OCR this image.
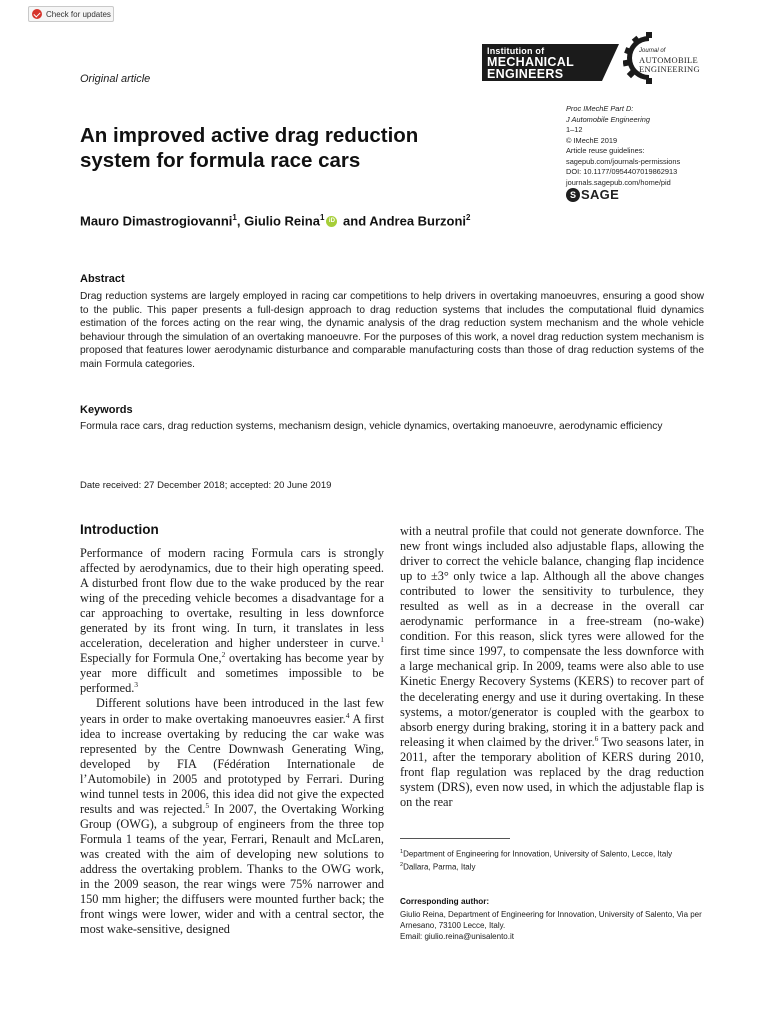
Check for updates
Original article
Institution of
MECHANICAL
ENGINEERS
Journal of
AUTOMOBILE
ENGINEERING
Proc IMechE Part D:
J Automobile Engineering
1–12
© IMechE 2019
Article reuse guidelines:
sagepub.com/journals-permissions
DOI: 10.1177/0954407019862913
journals.sagepub.com/home/pid
S SAGE
An improved active drag reduction
system for formula race cars
Mauro Dimastrogiovanni$^1$, Giulio Reina$^1$ iD and Andrea Burzoni$^2$
Abstract
Drag reduction systems are largely employed in racing car competitions to help drivers in overtaking manoeuvres, ensuring a good show to the public. This paper presents a full-design approach to drag reduction systems that includes the computational fluid dynamics estimation of the forces acting on the rear wing, the dynamic analysis of the drag reduction system mechanism and the whole vehicle behaviour through the simulation of an overtaking manoeuvre. For the purposes of this work, a novel drag reduction system mechanism is proposed that features lower aerodynamic disturbance and comparable manufacturing costs than those of drag reduction systems of the main Formula categories.
Keywords
Formula race cars, drag reduction systems, mechanism design, vehicle dynamics, overtaking manoeuvre, aerodynamic efficiency
Date received: 27 December 2018; accepted: 20 June 2019
Introduction

Performance of modern racing Formula cars is strongly affected by aerodynamics, due to their high operating speed. A disturbed front flow due to the wake produced by the rear wing of the preceding vehicle becomes a disadvantage for a car approaching to overtake, resulting in less downforce generated by its front wing. In turn, it translates in less acceleration, deceleration and higher understeer in curve.$^1$ Especially for Formula One,$^2$ overtaking has become year by year more difficult and sometimes impossible to be performed.$^3$

Different solutions have been introduced in the last few years in order to make overtaking manoeuvres easier.$^4$ A first idea to increase overtaking by reducing the car wake was represented by the Centre Downwash Generating Wing, developed by FIA (Fédération Internationale de l’Automobile) in 2005 and prototyped by Ferrari. During wind tunnel tests in 2006, this idea did not give the expected results and was rejected.$^5$ In 2007, the Overtaking Working Group (OWG), a subgroup of engineers from the three top Formula 1 teams of the year, Ferrari, Renault and McLaren, was created with the aim of developing new solutions to address the overtaking problem. Thanks to the OWG work, in the 2009 season, the rear wings were 75% narrower and 150 mm higher; the diffusers were mounted further back; the front wings were lower, wider and with a central sector, the most wake-sensitive, designed

with a neutral profile that could not generate downforce. The new front wings included also adjustable flaps, allowing the driver to correct the vehicle balance, changing flap incidence up to ±3° only twice a lap. Although all the above changes contributed to lower the sensitivity to turbulence, they resulted as well as in a decrease in the overall car aerodynamic performance in a free-stream (no-wake) condition. For this reason, slick tyres were allowed for the first time since 1997, to compensate the less downforce with a large mechanical grip. In 2009, teams were also able to use Kinetic Energy Recovery Systems (KERS) to recover part of the decelerating energy and use it during overtaking. In these systems, a motor/generator is coupled with the gearbox to absorb energy during braking, storing it in a battery pack and releasing it when claimed by the driver.$^6$ Two seasons later, in 2011, after the temporary abolition of KERS during 2010, front flap regulation was replaced by the drag reduction system (DRS), even now used, in which the adjustable flap is on the rear

$^1$Department of Engineering for Innovation, University of Salento, Lecce, Italy

$^2$Dallara, Parma, Italy

Corresponding author:
Giulio Reina, Department of Engineering for Innovation, University of Salento, Via per Arnesano, 73100 Lecce, Italy.
Email: giulio.reina@unisalento.it
